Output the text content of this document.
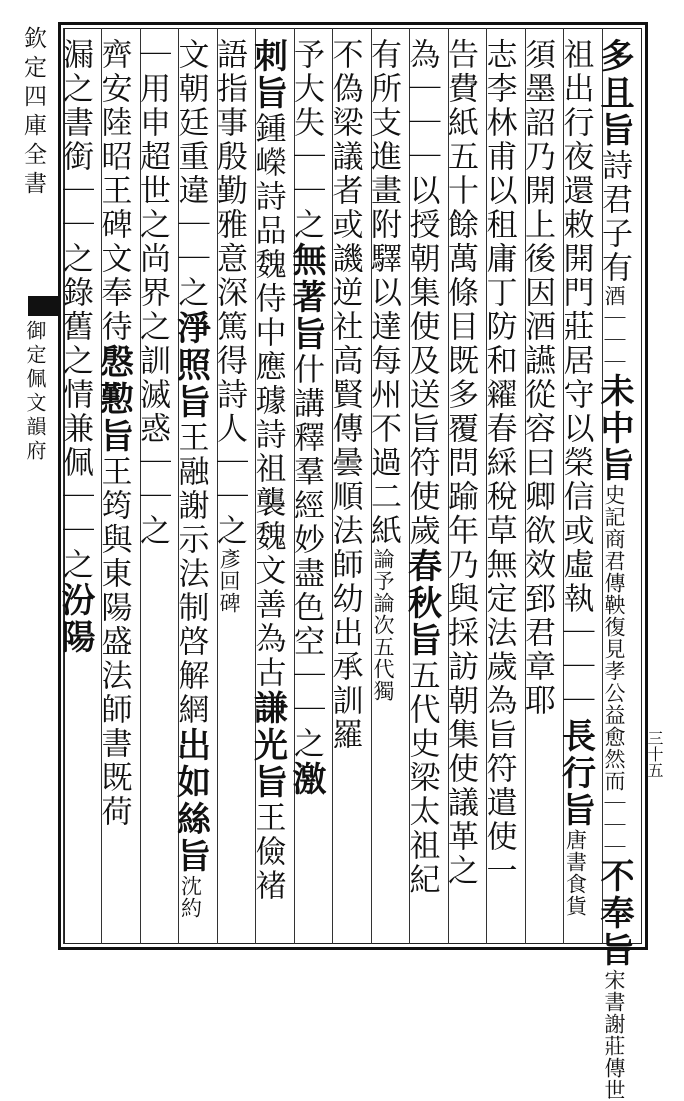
欽定四庫全書
御定佩文韻府
多且旨詩君子有酒｜｜｜未中旨史記商君傳鞅復見孝公益愈然而｜｜｜不奉旨宋書謝莊傳世
祖出行夜還敕開門莊居守以榮信或虛執｜｜｜長行旨唐書食貨
須墨詔乃開上後因酒讌從容曰卿欲效郅君章耶
志李林甫以租庸丁防和糴春綵稅草無定法歲為旨符遣使一
告費紙五十餘萬條目既多覆問踰年乃與採訪朝集使議革之
為｜｜｜以授朝集使及送旨符使歲春秋旨五代史梁太祖紀
有所支進畫附驛以達每州不過二紙論予論次五代獨
不偽梁議者或譏逆社高賢傳曇順法師幼出承訓羅
予大失｜｜之無著旨什講釋羣經妙盡色空｜｜之激
刺旨鍾嶸詩品魏侍中應璩詩祖襲魏文善為古謙光旨王儉褚
語指事殷勤雅意深篤得詩人｜｜之彥回碑
文朝廷重違｜｜之淨照旨王融謝示法制啓解網出如絲旨沈約
｜用申超世之尚界之訓滅惑｜｜之
齊安陸昭王碑文奉待慇懃旨王筠與東陽盛法師書既荷
漏之書銜｜｜之錄舊之情兼佩｜｜之汾陽
三十五
